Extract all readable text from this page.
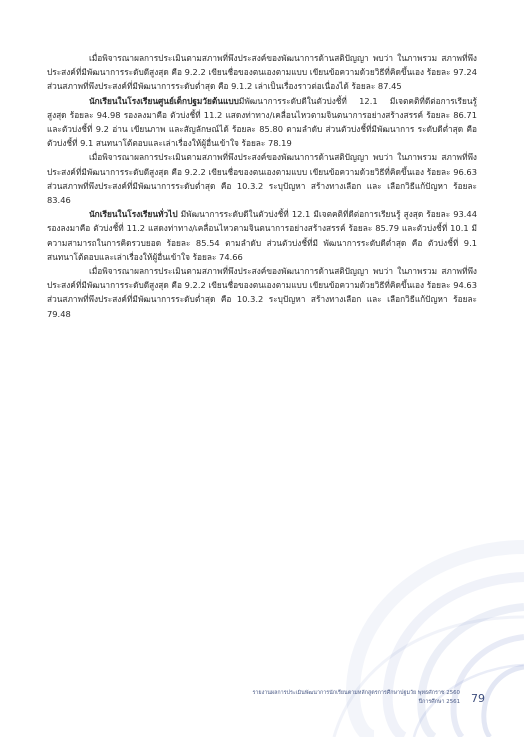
เมื่อพิจารณาผลการประเมินตามสภาพที่พึงประสงค์ของพัฒนาการด้านสติปัญญา พบว่า ในภาพรวม สภาพที่พึงประสงค์ที่มีพัฒนาการระดับดีสูงสุด คือ 9.2.2 เขียนชื่อของตนเองตามแบบ เขียนข้อความด้วยวิธีที่คิดขึ้นเอง ร้อยละ 97.24 ส่วนสภาพที่พึงประสงค์ที่มีพัฒนาการระดับต่ำสุด คือ 9.1.2 เล่าเป็นเรื่องราวต่อเนื่องได้ ร้อยละ 87.45

นักเรียนในโรงเรียนศูนย์เด็กปฐมวัยต้นแบบมีพัฒนาการระดับดีในตัวบ่งชี้ที่ 12.1 มีเจตคติที่ดีต่อการเรียนรู้ สูงสุด ร้อยละ 94.98 รองลงมาคือ ตัวบ่งชี้ที่ 11.2 แสดงท่าทาง/เคลื่อนไหวตามจินตนาการอย่างสร้างสรรค์ ร้อยละ 86.71 และตัวบ่งชี้ที่ 9.2 อ่าน เขียนภาพ และสัญลักษณ์ได้ ร้อยละ 85.80 ตามลำดับ ส่วนตัวบ่งชี้ที่มีพัฒนาการ ระดับดีต่ำสุด คือ ตัวบ่งชี้ที่ 9.1 สนทนาโต้ตอบและเล่าเรื่องให้ผู้อื่นเข้าใจ ร้อยละ 78.19

เมื่อพิจารณาผลการประเมินตามสภาพที่พึงประสงค์ของพัฒนาการด้านสติปัญญา พบว่า ในภาพรวม สภาพที่พึงประสงค์ที่มีพัฒนาการระดับดีสูงสุด คือ 9.2.2 เขียนชื่อของตนเองตามแบบ เขียนข้อความด้วยวิธีที่คิดขึ้นเอง ร้อยละ 96.63 ส่วนสภาพที่พึงประสงค์ที่มีพัฒนาการระดับต่ำสุด คือ 10.3.2 ระบุปัญหา สร้างทางเลือก และ เลือกวิธีแก้ปัญหา ร้อยละ 83.46

นักเรียนในโรงเรียนทั่วไป มีพัฒนาการระดับดีในตัวบ่งชี้ที่ 12.1 มีเจตคติที่ดีต่อการเรียนรู้ สูงสุด ร้อยละ 93.44 รองลงมาคือ ตัวบ่งชี้ที่ 11.2 แสดงท่าทาง/เคลื่อนไหวตามจินตนาการอย่างสร้างสรรค์ ร้อยละ 85.79 และตัวบ่งชี้ที่ 10.1 มีความสามารถในการคิดรวบยอด ร้อยละ 85.54 ตามลำดับ ส่วนตัวบ่งชี้ที่มี พัฒนาการระดับดีต่ำสุด คือ ตัวบ่งชี้ที่ 9.1 สนทนาโต้ตอบและเล่าเรื่องให้ผู้อื่นเข้าใจ ร้อยละ 74.66

เมื่อพิจารณาผลการประเมินตามสภาพที่พึงประสงค์ของพัฒนาการด้านสติปัญญา พบว่า ในภาพรวม สภาพที่พึงประสงค์ที่มีพัฒนาการระดับดีสูงสุด คือ 9.2.2 เขียนชื่อของตนเองตามแบบ เขียนข้อความด้วยวิธีที่คิดขึ้นเอง ร้อยละ 94.63 ส่วนสภาพที่พึงประสงค์ที่มีพัฒนาการระดับต่ำสุด คือ 10.3.2 ระบุปัญหา สร้างทางเลือก และ เลือกวิธีแก้ปัญหา ร้อยละ 79.48

รายงานผลการประเมินพัฒนาการนักเรียนตามหลักสูตรการศึกษาปฐมวัย พุทธศักราช 2560
ปีการศึกษา 2561 79
